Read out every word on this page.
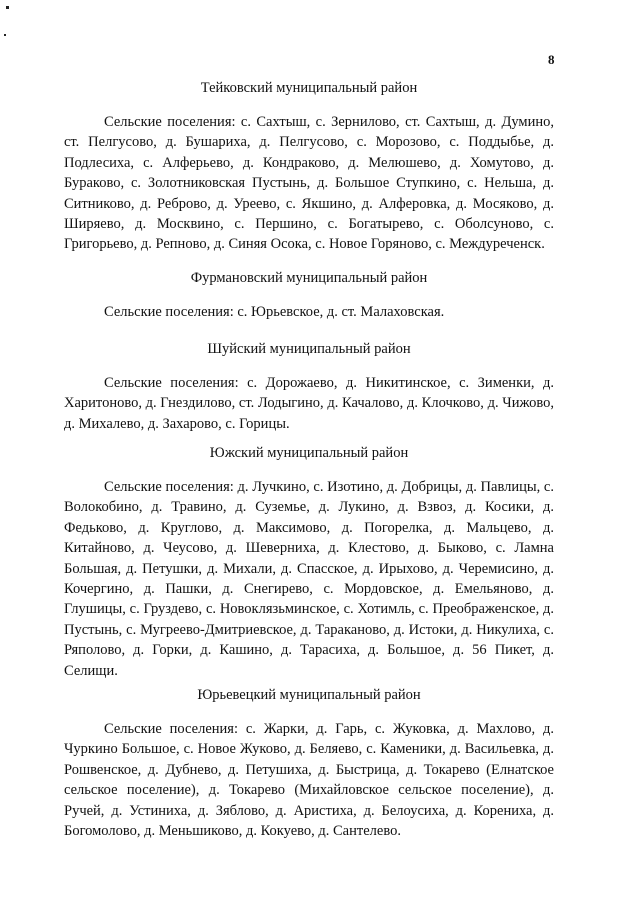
8

Тейковский муниципальный район

Сельские поселения: с. Сахтыш, с. Зернилово, ст. Сахтыш, д. Думино, ст. Пелгусово, д. Бушариха, д. Пелгусово, с. Морозово, с. Поддыбье, д. Подлесиха, с. Алферьево, д. Кондраково, д. Мелюшево, д. Хомутово, д. Бураково, с. Золотниковская Пустынь, д. Большое Ступкино, с. Нельша, д. Ситниково, д. Реброво, д. Уреево, с. Якшино, д. Алферовка, д. Мосяково, д. Ширяево, д. Москвино, с. Першино, с. Богатырево, с. Оболсуново, с. Григорьево, д. Репново, д. Синяя Осока, с. Новое Горяново, с. Междуреченск.

Фурмановский муниципальный район

Сельские поселения: с. Юрьевское, д. ст. Малаховская.

Шуйский муниципальный район

Сельские поселения: с. Дорожаево, д. Никитинское, с. Зименки, д. Харитоново, д. Гнездилово, ст. Лодыгино, д. Качалово, д. Клочково, д. Чижово, д. Михалево, д. Захарово, с. Горицы.

Южский муниципальный район

Сельские поселения: д. Лучкино, с. Изотино, д. Добрицы, д. Павлицы, с. Волокобино, д. Травино, д. Суземье, д. Лукино, д. Взвоз, д. Косики, д. Федьково, д. Круглово, д. Максимово, д. Погорелка, д. Мальцево, д. Китайново, д. Чеусово, д. Шеверниха, д. Клестово, д. Быково, с. Ламна Большая, д. Петушки, д. Михали, д. Спасское, д. Ирыхово, д. Черемисино, д. Кочергино, д. Пашки, д. Снегирево, с. Мордовское, д. Емельяново, д. Глушицы, с. Груздево, с. Новоклязьминское, с. Хотимль, с. Преображенское, д. Пустынь, с. Мугреево-Дмитриевское, д. Тараканово, д. Истоки, д. Никулиха, с. Ряполово, д. Горки, д. Кашино, д. Тарасиха, д. Большое, д. 56 Пикет, д. Селищи.

Юрьевецкий муниципальный район

Сельские поселения: с. Жарки, д. Гарь, с. Жуковка, д. Махлово, д. Чуркино Большое, с. Новое Жуково, д. Беляево, с. Каменики, д. Васильевка, д. Рошвенское, д. Дубнево, д. Петушиха, д. Быстрица, д. Токарево (Елнатское сельское поселение), д. Токарево (Михайловское сельское поселение), д. Ручей, д. Устиниха, д. Зяблово, д. Аристиха, д. Белоусиха, д. Корениха, д. Богомолово, д. Меньшиково, д. Кокуево, д. Сантелево.
